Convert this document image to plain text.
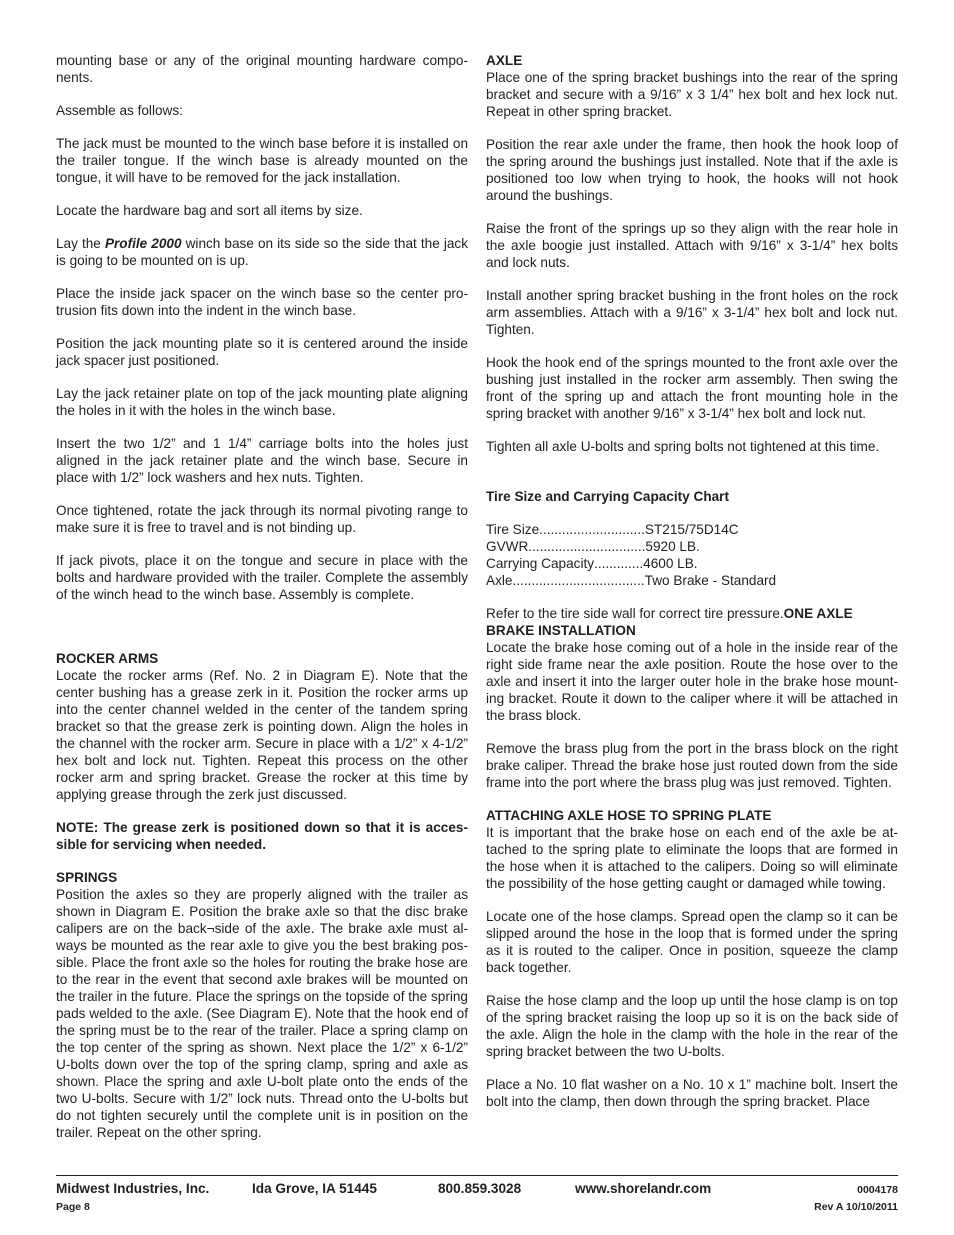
mounting base or any of the original mounting hardware components.

Assemble as follows:

The jack must be mounted to the winch base before it is installed on the trailer tongue. If the winch base is already mounted on the tongue, it will have to be removed for the jack installation.

Locate the hardware bag and sort all items by size.

Lay the Profile 2000 winch base on its side so the side that the jack is going to be mounted on is up.

Place the inside jack spacer on the winch base so the center protrusion fits down into the indent in the winch base.

Position the jack mounting plate so it is centered around the inside jack spacer just positioned.

Lay the jack retainer plate on top of the jack mounting plate aligning the holes in it with the holes in the winch base.

Insert the two 1/2” and 1 1/4” carriage bolts into the holes just aligned in the jack retainer plate and the winch base. Secure in place with 1/2” lock washers and hex nuts. Tighten.

Once tightened, rotate the jack through its normal pivoting range to make sure it is free to travel and is not binding up.

If jack pivots, place it on the tongue and secure in place with the bolts and hardware provided with the trailer. Complete the assembly of the winch head to the winch base. Assembly is complete.

ROCKER ARMS

Locate the rocker arms (Ref. No. 2 in Diagram E). Note that the center bushing has a grease zerk in it. Position the rocker arms up into the center channel welded in the center of the tandem spring bracket so that the grease zerk is pointing down. Align the holes in the channel with the rocker arm. Secure in place with a 1/2” x 4-1/2” hex bolt and lock nut. Tighten. Repeat this process on the other rocker arm and spring bracket. Grease the rocker at this time by applying grease through the zerk just discussed.

NOTE: The grease zerk is positioned down so that it is accessible for servicing when needed.

SPRINGS

Position the axles so they are properly aligned with the trailer as shown in Diagram E. Position the brake axle so that the disc brake calipers are on the back¬side of the axle. The brake axle must always be mounted as the rear axle to give you the best braking possible. Place the front axle so the holes for routing the brake hose are to the rear in the event that second axle brakes will be mounted on the trailer in the future. Place the springs on the topside of the spring pads welded to the axle. (See Diagram E). Note that the hook end of the spring must be to the rear of the trailer. Place a spring clamp on the top center of the spring as shown. Next place the 1/2” x 6-1/2” U-bolts down over the top of the spring clamp, spring and axle as shown. Place the spring and axle U-bolt plate onto the ends of the two U-bolts. Secure with 1/2” lock nuts. Thread onto the U-bolts but do not tighten securely until the complete unit is in position on the trailer. Repeat on the other spring.

AXLE

Place one of the spring bracket bushings into the rear of the spring bracket and secure with a 9/16” x 3 1/4” hex bolt and hex lock nut. Repeat in other spring bracket.

Position the rear axle under the frame, then hook the hook loop of the spring around the bushings just installed. Note that if the axle is positioned too low when trying to hook, the hooks will not hook around the bushings.

Raise the front of the springs up so they align with the rear hole in the axle boogie just installed. Attach with 9/16” x 3-1/4” hex bolts and lock nuts.

Install another spring bracket bushing in the front holes on the rock arm assemblies. Attach with a 9/16” x 3-1/4” hex bolt and lock nut. Tighten.

Hook the hook end of the springs mounted to the front axle over the bushing just installed in the rocker arm assembly. Then swing the front of the spring up and attach the front mounting hole in the spring bracket with another 9/16” x 3-1/4” hex bolt and lock nut.

Tighten all axle U-bolts and spring bolts not tightened at this time.

Tire Size and Carrying Capacity Chart

Tire Size ............................ ST215/75D14C
GVWR ............................... 5920 LB.
Carrying Capacity ............. 4600 LB.
Axle ................................... Two Brake - Standard

Refer to the tire side wall for correct tire pressure.ONE AXLE

BRAKE INSTALLATION

Locate the brake hose coming out of a hole in the inside rear of the right side frame near the axle position. Route the hose over to the axle and insert it into the larger outer hole in the brake hose mounting bracket. Route it down to the caliper where it will be attached in the brass block.

Remove the brass plug from the port in the brass block on the right brake caliper. Thread the brake hose just routed down from the side frame into the port where the brass plug was just removed. Tighten.

ATTACHING AXLE HOSE TO SPRING PLATE

It is important that the brake hose on each end of the axle be attached to the spring plate to eliminate the loops that are formed in the hose when it is attached to the calipers. Doing so will eliminate the possibility of the hose getting caught or damaged while towing.

Locate one of the hose clamps. Spread open the clamp so it can be slipped around the hose in the loop that is formed under the spring as it is routed to the caliper. Once in position, squeeze the clamp back together.

Raise the hose clamp and the loop up until the hose clamp is on top of the spring bracket raising the loop up so it is on the back side of the axle. Align the hole in the clamp with the hole in the rear of the spring bracket between the two U-bolts.

Place a No. 10 flat washer on a No. 10 x 1” machine bolt. Insert the bolt into the clamp, then down through the spring bracket. Place

Midwest Industries, Inc.	Ida Grove, IA 51445	800.859.3028	www.shorelandr.com	0004178
Page 8	Rev A 10/10/2011
